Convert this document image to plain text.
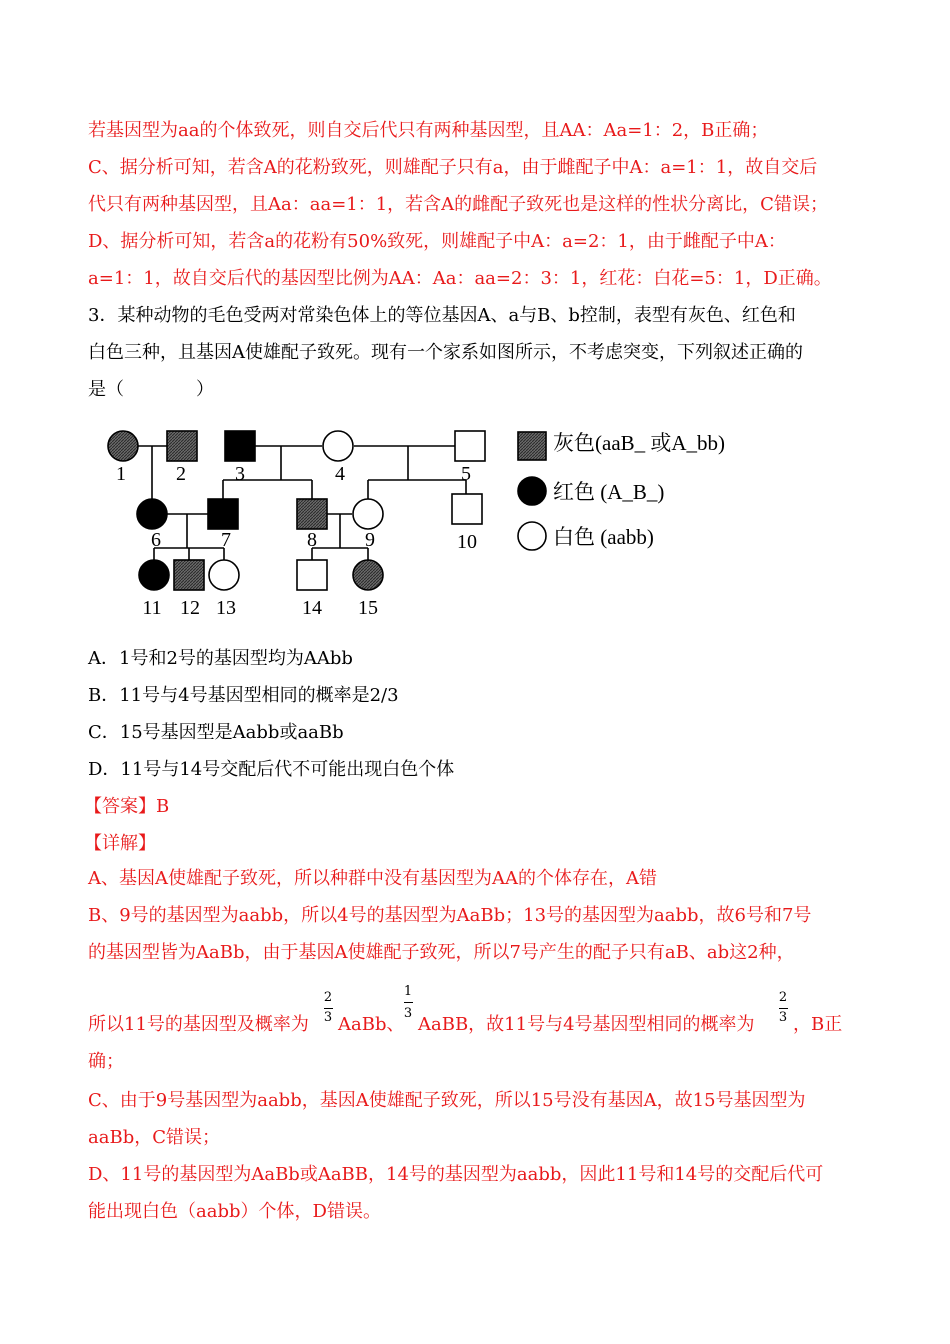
若基因型为aa的个体致死，则自交后代只有两种基因型，且AA：Aa=1：2，B正确；
C、据分析可知，若含A的花粉致死，则雄配子只有a，由于雌配子中A：a=1：1，故自交后
代只有两种基因型，且Aa：aa=1：1，若含A的雌配子致死也是这样的性状分离比，C错误；
D、据分析可知，若含a的花粉有50%致死，则雄配子中A：a=2：1，由于雌配子中A：
a=1：1，故自交后代的基因型比例为AA：Aa：aa=2：3：1，红花：白花=5：1，D正确。
3．某种动物的毛色受两对常染色体上的等位基因A、a与B、b控制，表型有灰色、红色和
白色三种，且基因A使雄配子致死。现有一个家系如图所示，不考虑突变，下列叙述正确的
是（　　　　）
1	2 3	4	5
6	7	8 9	10
11 12 13	14 15
灰色(aaB_ 或A_bb)
红色 (A_B_)
白色 (aabb)
A．1号和2号的基因型均为AAbb
B．11号与4号基因型相同的概率是2/3
C．15号基因型是Aabb或aaBb
D．11号与14号交配后代不可能出现白色个体
【答案】B
【详解】
A、基因A使雄配子致死，所以种群中没有基因型为AA的个体存在，A错
B、9号的基因型为aabb，所以4号的基因型为AaBb；13号的基因型为aabb，故6号和7号
的基因型皆为AaBb，由于基因A使雄配子致死，所以7号产生的配子只有aB、ab这2种，
所以11号的基因型及概率为
2
3 AaBb、
1
3
AaBB，故11号与4号基因型相同的概率为
2
3 ，B正
确；
C、由于9号基因型为aabb，基因A使雄配子致死，所以15号没有基因A，故15号基因型为
aaBb，C错误；
D、11号的基因型为AaBb或AaBB，14号的基因型为aabb，因此11号和14号的交配后代可
能出现白色（aabb）个体，D错误。
